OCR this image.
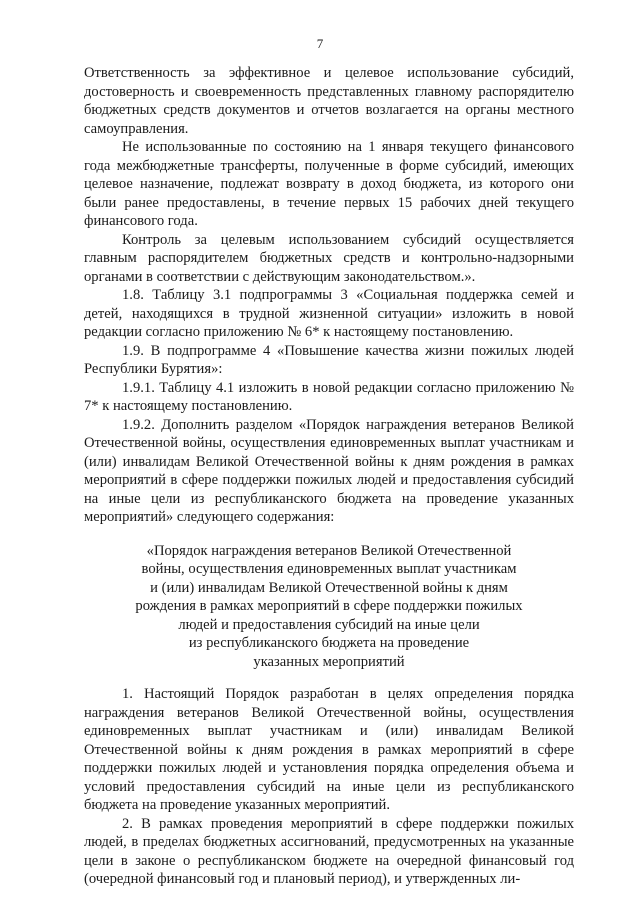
7

Ответственность за эффективное и целевое использование субсидий, достоверность и своевременность представленных главному распорядителю бюджетных средств документов и отчетов возлагается на органы местного самоуправления.

Не использованные по состоянию на 1 января текущего финансового года межбюджетные трансферты, полученные в форме субсидий, имеющих целевое назначение, подлежат возврату в доход бюджета, из которого они были ранее предоставлены, в течение первых 15 рабочих дней текущего финансового года.

Контроль за целевым использованием субсидий осуществляется главным распорядителем бюджетных средств и контрольно-надзорными органами в соответствии с действующим законодательством.».

1.8. Таблицу 3.1 подпрограммы 3 «Социальная поддержка семей и детей, находящихся в трудной жизненной ситуации» изложить в новой редакции согласно приложению № 6* к настоящему постановлению.

1.9. В подпрограмме 4 «Повышение качества жизни пожилых людей Республики Бурятия»:

1.9.1. Таблицу 4.1 изложить в новой редакции согласно приложению № 7* к настоящему постановлению.

1.9.2. Дополнить разделом «Порядок награждения ветеранов Великой Отечественной войны, осуществления единовременных выплат участникам и (или) инвалидам Великой Отечественной войны к дням рождения в рамках мероприятий в сфере поддержки пожилых людей и предоставления субсидий на иные цели из республиканского бюджета на проведение указанных мероприятий» следующего содержания:

«Порядок награждения ветеранов Великой Отечественной
войны, осуществления единовременных выплат участникам
и (или) инвалидам Великой Отечественной войны к дням
рождения в рамках мероприятий в сфере поддержки пожилых
людей и предоставления субсидий на иные цели
из республиканского бюджета на проведение
указанных мероприятий

1. Настоящий Порядок разработан в целях определения порядка награждения ветеранов Великой Отечественной войны, осуществления единовременных выплат участникам и (или) инвалидам Великой Отечественной войны к дням рождения в рамках мероприятий в сфере поддержки пожилых людей и установления порядка определения объема и условий предоставления субсидий на иные цели из республиканского бюджета на проведение указанных мероприятий.

2. В рамках проведения мероприятий в сфере поддержки пожилых людей, в пределах бюджетных ассигнований, предусмотренных на указанные цели в законе о республиканском бюджете на очередной финансовый год (очередной финансовый год и плановый период), и утвержденных ли-
